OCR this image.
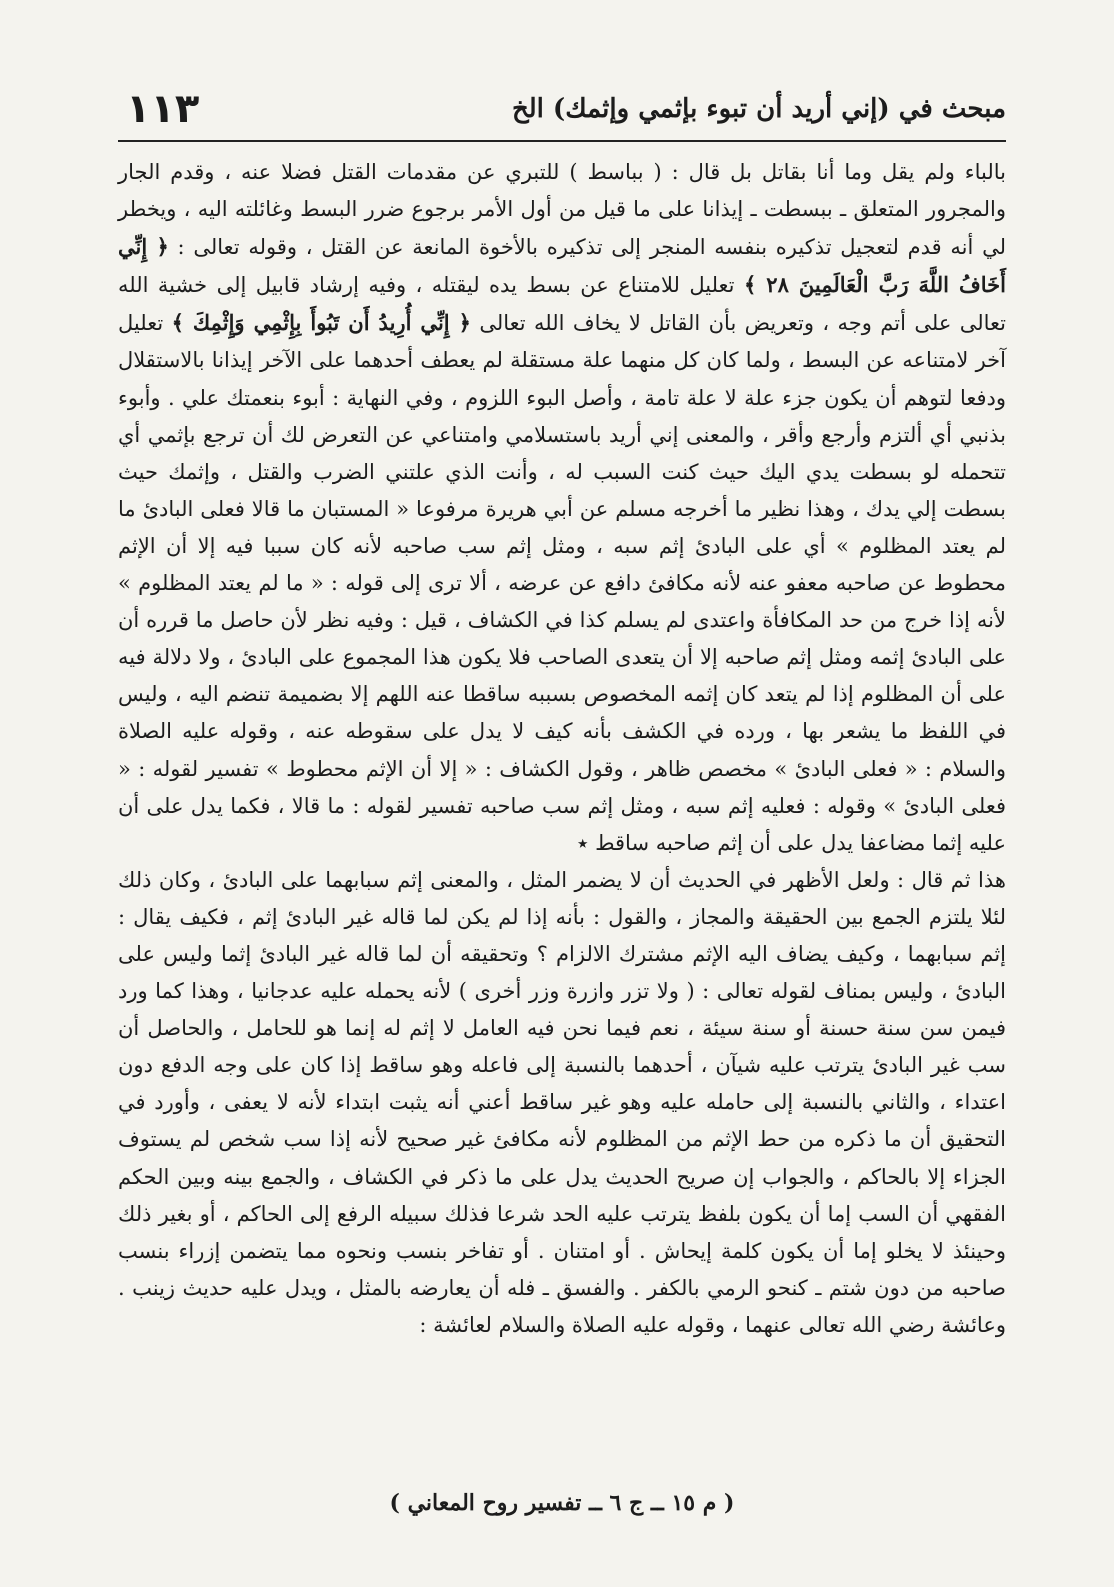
مبحث في (إني أريد أن تبوء بإثمي وإثمك) الخ
١١٣

بالباء ولم يقل وما أنا بقاتل بل قال : ( بباسط ) للتبري عن مقدمات القتل فضلا عنه ، وقدم الجار والمجرور المتعلق ـ ببسطت ـ إيذانا على ما قيل من أول الأمر برجوع ضرر البسط وغائلته اليه ، ويخطر لي أنه قدم لتعجيل تذكيره بنفسه المنجر إلى تذكيره بالأخوة المانعة عن القتل ، وقوله تعالى : ﴿ إِنِّي أَخَافُ اللَّهَ رَبَّ الْعَالَمِينَ ٢٨ ﴾ تعليل للامتناع عن بسط يده ليقتله ، وفيه إرشاد قابيل إلى خشية الله تعالى على أتم وجه ، وتعريض بأن القاتل لا يخاف الله تعالى ﴿ إِنِّي أُرِيدُ أَن تَبُوأَ بِإِثْمِي وَإِثْمِكَ ﴾ تعليل آخر لامتناعه عن البسط ، ولما كان كل منهما علة مستقلة لم يعطف أحدهما على الآخر إيذانا بالاستقلال ودفعا لتوهم أن يكون جزء علة لا علة تامة ، وأصل البوء اللزوم ، وفي النهاية : أبوء بنعمتك علي . وأبوء بذنبي أي ألتزم وأرجع وأقر ، والمعنى إني أريد باستسلامي وامتناعي عن التعرض لك أن ترجع بإثمي أي تتحمله لو بسطت يدي اليك حيث كنت السبب له ، وأنت الذي علتني الضرب والقتل ، وإثمك حيث بسطت إلي يدك ، وهذا نظير ما أخرجه مسلم عن أبي هريرة مرفوعا « المستبان ما قالا فعلى البادئ ما لم يعتد المظلوم » أي على البادئ إثم سبه ، ومثل إثم سب صاحبه لأنه كان سببا فيه إلا أن الإثم محطوط عن صاحبه معفو عنه لأنه مكافئ دافع عن عرضه ، ألا ترى إلى قوله : « ما لم يعتد المظلوم » لأنه إذا خرج من حد المكافأة واعتدى لم يسلم كذا في الكشاف ، قيل : وفيه نظر لأن حاصل ما قرره أن على البادئ إثمه ومثل إثم صاحبه إلا أن يتعدى الصاحب فلا يكون هذا المجموع على البادئ ، ولا دلالة فيه على أن المظلوم إذا لم يتعد كان إثمه المخصوص بسببه ساقطا عنه اللهم إلا بضميمة تنضم اليه ، وليس في اللفظ ما يشعر بها ، ورده في الكشف بأنه كيف لا يدل على سقوطه عنه ، وقوله عليه الصلاة والسلام : « فعلى البادئ » مخصص ظاهر ، وقول الكشاف : « إلا أن الإثم محطوط » تفسير لقوله : « فعلى البادئ » وقوله : فعليه إثم سبه ، ومثل إثم سب صاحبه تفسير لقوله : ما قالا ، فكما يدل على أن عليه إثما مضاعفا يدل على أن إثم صاحبه ساقط ٭

هذا ثم قال : ولعل الأظهر في الحديث أن لا يضمر المثل ، والمعنى إثم سبابهما على البادئ ، وكان ذلك لئلا يلتزم الجمع بين الحقيقة والمجاز ، والقول : بأنه إذا لم يكن لما قاله غير البادئ إثم ، فكيف يقال : إثم سبابهما ، وكيف يضاف اليه الإثم مشترك الالزام ؟ وتحقيقه أن لما قاله غير البادئ إثما وليس على البادئ ، وليس بمناف لقوله تعالى : ( ولا تزر وازرة وزر أخرى ) لأنه يحمله عليه عدجانيا ، وهذا كما ورد فيمن سن سنة حسنة أو سنة سيئة ، نعم فيما نحن فيه العامل لا إثم له إنما هو للحامل ، والحاصل أن سب غير البادئ يترتب عليه شيآن ، أحدهما بالنسبة إلى فاعله وهو ساقط إذا كان على وجه الدفع دون اعتداء ، والثاني بالنسبة إلى حامله عليه وهو غير ساقط أعني أنه يثبت ابتداء لأنه لا يعفى ، وأورد في التحقيق أن ما ذكره من حط الإثم من المظلوم لأنه مكافئ غير صحيح لأنه إذا سب شخص لم يستوف الجزاء إلا بالحاكم ، والجواب إن صريح الحديث يدل على ما ذكر في الكشاف ، والجمع بينه وبين الحكم الفقهي أن السب إما أن يكون بلفظ يترتب عليه الحد شرعا فذلك سبيله الرفع إلى الحاكم ، أو بغير ذلك وحينئذ لا يخلو إما أن يكون كلمة إيحاش . أو امتنان . أو تفاخر بنسب ونحوه مما يتضمن إزراء بنسب صاحبه من دون شتم ـ كنحو الرمي بالكفر . والفسق ـ فله أن يعارضه بالمثل ، ويدل عليه حديث زينب . وعائشة رضي الله تعالى عنهما ، وقوله عليه الصلاة والسلام لعائشة :

( م ١٥ ــ ج ٦ ــ تفسير روح المعاني )
